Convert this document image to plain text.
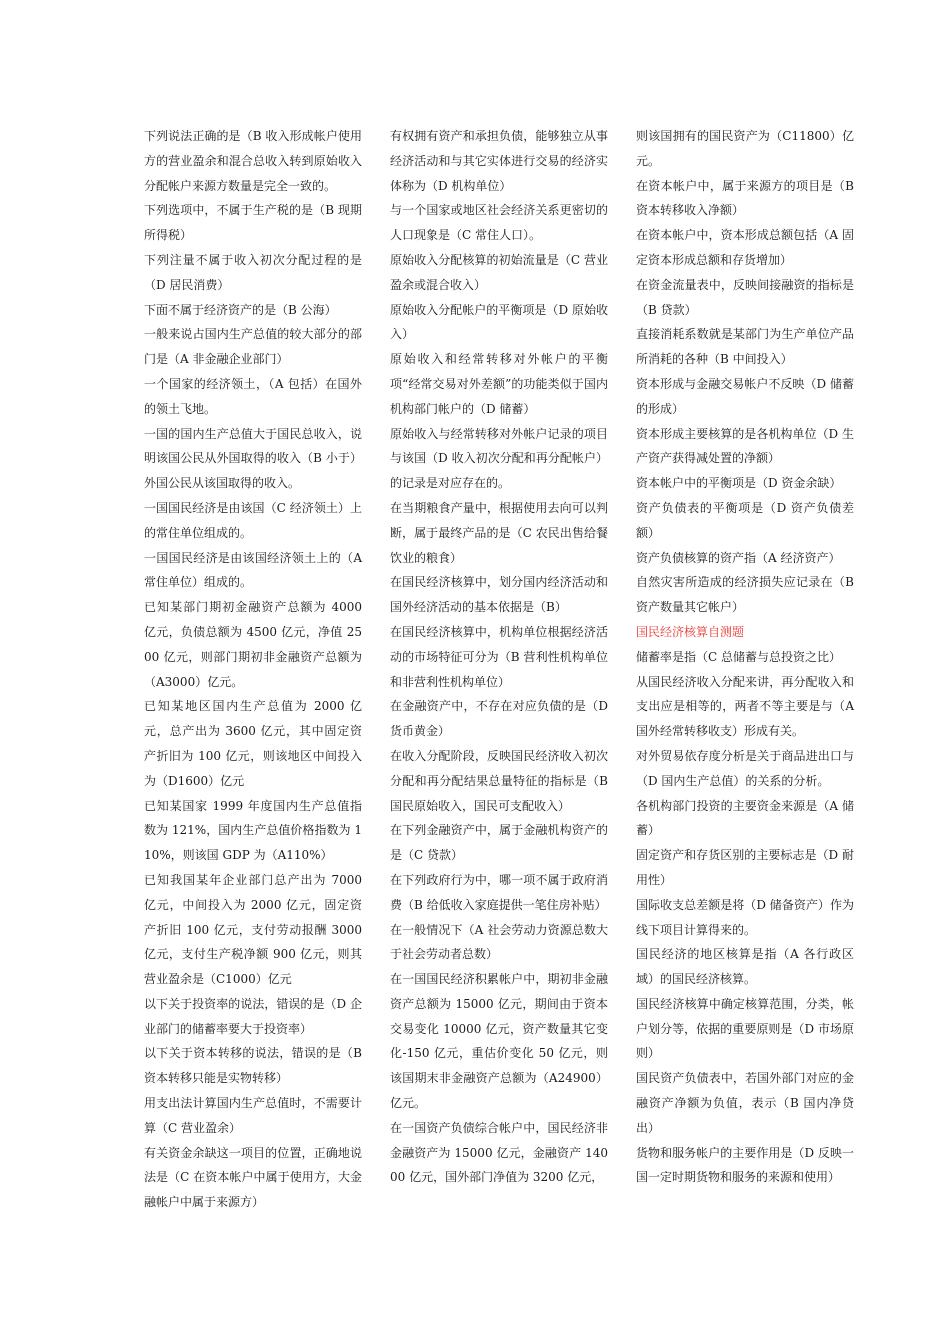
下列说法正确的是（B 收入形成帐户使用方的营业盈余和混合总收入转到原始收入分配帐户来源方数量是完全一致的。

下列选项中，不属于生产税的是（B 现期所得税）

下列注量不属于收入初次分配过程的是（D 居民消费）

下面不属于经济资产的是（B 公海）

一般来说占国内生产总值的较大部分的部门是（A 非金融企业部门）

一个国家的经济领土，（A 包括）在国外的领土飞地。

一国的国内生产总值大于国民总收入，说明该国公民从外国取得的收入（B 小于）外国公民从该国取得的收入。

一国国民经济是由该国（C 经济领土）上的常住单位组成的。

一国国民经济是由该国经济领土上的（A 常住单位）组成的。

已知某部门期初金融资产总额为 4000 亿元，负债总额为 4500 亿元，净值 2500 亿元，则部门期初非金融资产总额为（A3000）亿元。

已知某地区国内生产总值为 2000 亿元，总产出为 3600 亿元，其中固定资产折旧为 100 亿元，则该地区中间投入为（D1600）亿元

已知某国家 1999 年度国内生产总值指数为 121%，国内生产总值价格指数为 110%，则该国 GDP 为（A110%）

已知我国某年企业部门总产出为 7000 亿元，中间投入为 2000 亿元，固定资产折旧 100 亿元，支付劳动报酬 3000 亿元，支付生产税净额 900 亿元，则其营业盈余是（C1000）亿元

以下关于投资率的说法，错误的是（D 企业部门的储蓄率要大于投资率）

以下关于资本转移的说法，错误的是（B 资本转移只能是实物转移）

用支出法计算国内生产总值时，不需要计算（C 营业盈余）

有关资金余缺这一项目的位置，正确地说法是（C 在资本帐户中属于使用方，大金融帐户中属于来源方）

有权拥有资产和承担负债，能够独立从事经济活动和与其它实体进行交易的经济实体称为（D 机构单位）

与一个国家或地区社会经济关系更密切的人口现象是（C 常住人口）。

原始收入分配核算的初始流量是（C 营业盈余或混合收入）

原始收入分配帐户的平衡项是（D 原始收入）

原始收入和经常转移对外帐户的平衡项“经常交易对外差额”的功能类似于国内机构部门帐户的（D 储蓄）

原始收入与经常转移对外帐户记录的项目与该国（D 收入初次分配和再分配帐户）的记录是对应存在的。

在当期粮食产量中，根据使用去向可以判断，属于最终产品的是（C 农民出售给餐饮业的粮食）

在国民经济核算中，划分国内经济活动和国外经济活动的基本依据是（B）

在国民经济核算中，机构单位根据经济活动的市场特征可分为（B 营利性机构单位和非营利性机构单位）

在金融资产中，不存在对应负债的是（D 货币黄金）

在收入分配阶段，反映国民经济收入初次分配和再分配结果总量特征的指标是（B 国民原始收入，国民可支配收入）

在下列金融资产中，属于金融机构资产的是（C 贷款）

在下列政府行为中，哪一项不属于政府消费（B 给低收入家庭提供一笔住房补贴）

在一般情况下（A 社会劳动力资源总数大于社会劳动者总数）

在一国国民经济积累帐户中，期初非金融资产总额为 15000 亿元，期间由于资本交易变化 10000 亿元，资产数量其它变化-150 亿元，重估价变化 50 亿元，则该国期末非金融资产总额为（A24900）亿元。

在一国资产负债综合帐户中，国民经济非金融资产为 15000 亿元，金融资产 14000 亿元，国外部门净值为 3200 亿元，

则该国拥有的国民资产为（C11800）亿元。

在资本帐户中，属于来源方的项目是（B 资本转移收入净额）

在资本帐户中，资本形成总额包括（A 固定资本形成总额和存货增加）

在资金流量表中，反映间接融资的指标是（B 贷款）

直接消耗系数就是某部门为生产单位产品所消耗的各种（B 中间投入）

资本形成与金融交易帐户不反映（D 储蓄的形成）

资本形成主要核算的是各机构单位（D 生产资产获得减处置的净额）

资本帐户中的平衡项是（D 资金余缺）

资产负债表的平衡项是（D 资产负债差额）

资产负债核算的资产指（A 经济资产）

自然灾害所造成的经济损失应记录在（B 资产数量其它帐户）

国民经济核算自测题

储蓄率是指（C 总储蓄与总投资之比）

从国民经济收入分配来讲，再分配收入和支出应是相等的，两者不等主要是与（A 国外经常转移收支）形成有关。

对外贸易依存度分析是关于商品进出口与（D 国内生产总值）的关系的分析。

各机构部门投资的主要资金来源是（A 储蓄）

固定资产和存货区别的主要标志是（D 耐用性）

国际收支总差额是将（D 储备资产）作为线下项目计算得来的。

国民经济的地区核算是指（A 各行政区域）的国民经济核算。

国民经济核算中确定核算范围，分类，帐户划分等，依据的重要原则是（D 市场原则）

国民资产负债表中，若国外部门对应的金融资产净额为负值，表示（B 国内净贷出）

货物和服务帐户的主要作用是（D 反映一国一定时期货物和服务的来源和使用）
